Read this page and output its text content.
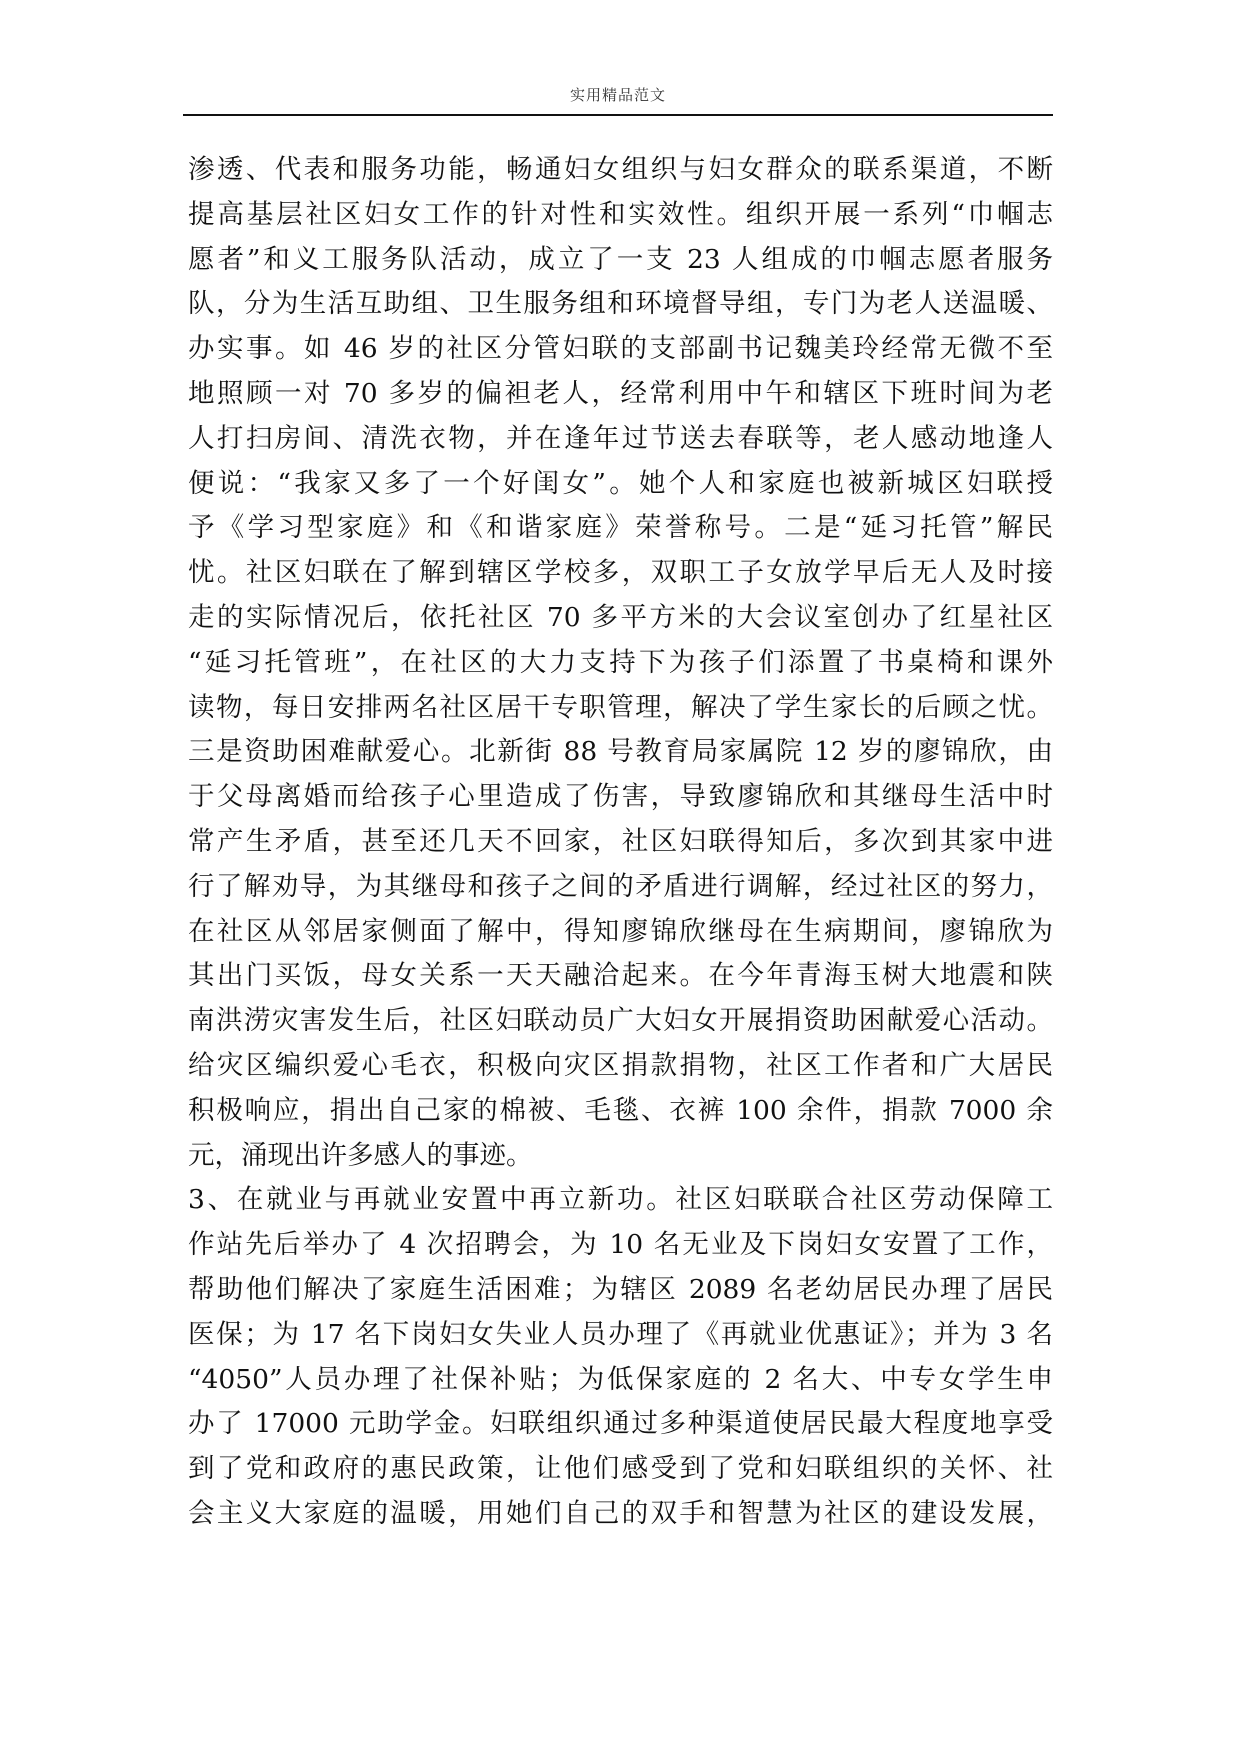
实用精品范文
渗透、代表和服务功能，畅通妇女组织与妇女群众的联系渠道，不断
提高基层社区妇女工作的针对性和实效性。组织开展一系列“巾帼志
愿者”和义工服务队活动，成立了一支 23 人组成的巾帼志愿者服务
队，分为生活互助组、卫生服务组和环境督导组，专门为老人送温暖、
办实事。如 46 岁的社区分管妇联的支部副书记魏美玲经常无微不至
地照顾一对 70 多岁的偏袒老人，经常利用中午和辖区下班时间为老
人打扫房间、清洗衣物，并在逢年过节送去春联等，老人感动地逢人
便说：“我家又多了一个好闺女”。她个人和家庭也被新城区妇联授
予《学习型家庭》和《和谐家庭》荣誉称号。二是“延习托管”解民
忧。社区妇联在了解到辖区学校多，双职工子女放学早后无人及时接
走的实际情况后，依托社区 70 多平方米的大会议室创办了红星社区
“延习托管班”，在社区的大力支持下为孩子们添置了书桌椅和课外
读物，每日安排两名社区居干专职管理，解决了学生家长的后顾之忧。
三是资助困难献爱心。北新街 88 号教育局家属院 12 岁的廖锦欣，由
于父母离婚而给孩子心里造成了伤害，导致廖锦欣和其继母生活中时
常产生矛盾，甚至还几天不回家，社区妇联得知后，多次到其家中进
行了解劝导，为其继母和孩子之间的矛盾进行调解，经过社区的努力，
在社区从邻居家侧面了解中，得知廖锦欣继母在生病期间，廖锦欣为
其出门买饭，母女关系一天天融洽起来。在今年青海玉树大地震和陕
南洪涝灾害发生后，社区妇联动员广大妇女开展捐资助困献爱心活动。
给灾区编织爱心毛衣，积极向灾区捐款捐物，社区工作者和广大居民
积极响应，捐出自己家的棉被、毛毯、衣裤 100 余件，捐款 7000 余
元，涌现出许多感人的事迹。
3、在就业与再就业安置中再立新功。社区妇联联合社区劳动保障工
作站先后举办了 4 次招聘会，为 10 名无业及下岗妇女安置了工作，
帮助他们解决了家庭生活困难；为辖区 2089 名老幼居民办理了居民
医保；为 17 名下岗妇女失业人员办理了《再就业优惠证》；并为 3 名
“4050”人员办理了社保补贴；为低保家庭的 2 名大、中专女学生申
办了 17000 元助学金。妇联组织通过多种渠道使居民最大程度地享受
到了党和政府的惠民政策，让他们感受到了党和妇联组织的关怀、社
会主义大家庭的温暖，用她们自己的双手和智慧为社区的建设发展，
